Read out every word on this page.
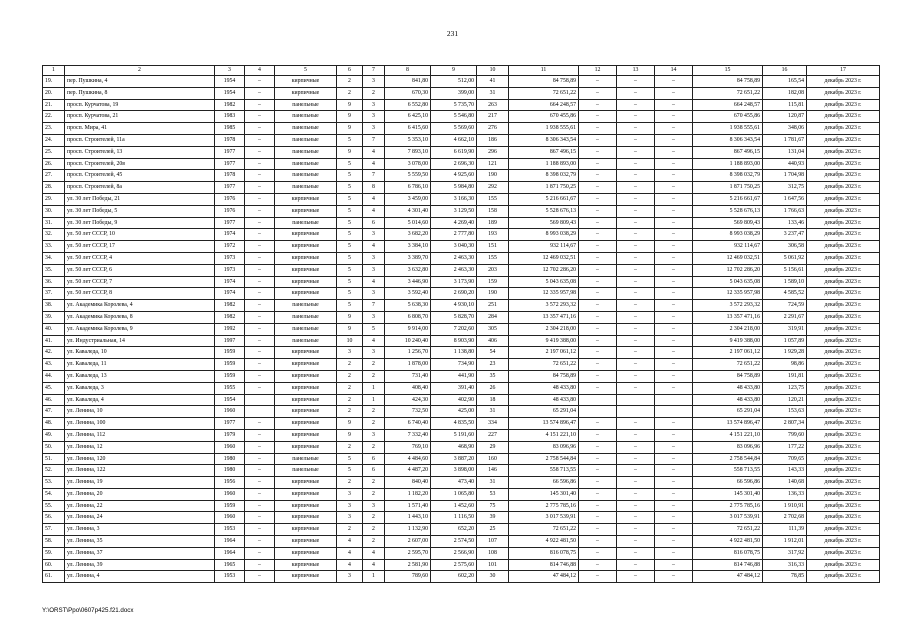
231
1	2	3	4	5	6	7	8	9	10	11	12	13	14	15	16	17
19.	пер. Пушкина, 4	1954	–	кирпичные	2	3	841,80	512,00	41	84 758,89	–	–	–	84 758,89	165,54	декабрь 2023 г.
20.	пер. Пушкина, 8	1954	–	кирпичные	2	2	670,30	399,00	31	72 651,22	–	–	–	72 651,22	182,08	декабрь 2023 г.
21.	просп. Курчатова, 19	1982	–	панельные	9	3	6 552,80	5 735,70	263	664 248,57	–	–	–	664 248,57	115,81	декабрь 2023 г.
22.	просп. Курчатова, 21	1983	–	панельные	9	3	6 425,10	5 546,80	217	670 455,86	–	–	–	670 455,86	120,87	декабрь 2023 г.
23.	просп. Мира, 41	1985	–	панельные	9	3	6 415,60	5 569,60	276	1 938 555,61	–	–	–	1 938 555,61	348,06	декабрь 2023 г.
24.	просп. Строителей, 11а	1978	–	панельные	5	7	5 353,10	4 662,10	186	8 306 343,54	–	–	–	8 306 343,54	1 781,67	декабрь 2023 г.
25.	просп. Строителей, 13	1977	–	панельные	9	4	7 893,10	6 619,90	296	867 496,15	–	–	–	867 496,15	131,04	декабрь 2023 г.
26.	просп. Строителей, 20в	1977	–	панельные	5	4	3 078,00	2 696,30	121	1 188 893,00	–	–	–	1 188 893,00	440,93	декабрь 2023 г.
27.	просп. Строителей, 45	1978	–	панельные	5	7	5 559,50	4 925,60	190	8 398 032,79	–	–	–	8 398 032,79	1 704,98	декабрь 2023 г.
28.	просп. Строителей, 8а	1977	–	панельные	5	8	6 786,10	5 984,80	292	1 871 750,25	–	–	–	1 871 750,25	312,75	декабрь 2023 г.
29.	ул. 30 лет Победы, 21	1976	–	кирпичные	5	4	3 459,00	3 166,30	155	5 216 661,67	–	–	–	5 216 661,67	1 647,56	декабрь 2023 г.
30.	ул. 30 лет Победы, 5	1976	–	кирпичные	5	4	4 301,40	3 129,50	158	5 528 676,13	–	–	–	5 528 676,13	1 766,63	декабрь 2023 г.
31.	ул. 30 лет Победы, 9	1977	–	панельные	5	6	5 014,60	4 269,40	189	569 809,43	–	–	–	569 809,43	133,46	декабрь 2023 г.
32.	ул. 50 лет СССР, 10	1974	–	кирпичные	5	3	3 682,20	2 777,80	193	8 993 038,29	–	–	–	8 993 038,29	3 237,47	декабрь 2023 г.
33.	ул. 50 лет СССР, 17	1972	–	кирпичные	5	4	3 384,10	3 040,30	151	932 114,67	–	–	–	932 114,67	306,58	декабрь 2023 г.
34.	ул. 50 лет СССР, 4	1973	–	кирпичные	5	3	3 389,70	2 463,30	155	12 469 032,51	–	–	–	12 469 032,51	5 061,92	декабрь 2023 г.
35.	ул. 50 лет СССР, 6	1973	–	кирпичные	5	3	3 632,80	2 463,30	203	12 702 286,20	–	–	–	12 702 286,20	5 156,61	декабрь 2023 г.
36.	ул. 50 лет СССР, 7	1974	–	кирпичные	5	4	3 446,90	3 173,90	159	5 043 635,08	–	–	–	5 043 635,08	1 589,10	декабрь 2023 г.
37.	ул. 50 лет СССР, 8	1974	–	кирпичные	5	3	3 592,40	2 690,20	190	12 335 957,98	–	–	–	12 335 957,98	4 585,52	декабрь 2023 г.
38.	ул. Академика Королева, 4	1982	–	панельные	5	7	5 638,30	4 930,10	251	3 572 293,32	–	–	–	3 572 293,32	724,59	декабрь 2023 г.
39.	ул. Академика Королева, 8	1982	–	панельные	9	3	6 808,70	5 828,70	284	13 357 471,16	–	–	–	13 357 471,16	2 291,67	декабрь 2023 г.
40.	ул. Академика Королева, 9	1992	–	панельные	9	5	9 914,00	7 202,60	305	2 304 218,00	–	–	–	2 304 218,00	319,91	декабрь 2023 г.
41.	ул. Индустриальная, 14	1997	–	панельные	10	4	10 240,40	8 903,90	406	9 419 388,00	–	–	–	9 419 388,00	1 057,89	декабрь 2023 г.
42.	ул. Каваледа, 10	1959	–	кирпичные	3	3	1 256,70	1 138,80	54	2 197 061,12	–	–	–	2 197 061,12	1 929,28	декабрь 2023 г.
43.	ул. Каваледа, 11	1959	–	кирпичные	2	2	1 878,00	734,90	23	72 651,22	–	–	–	72 651,22	98,86	декабрь 2023 г.
44.	ул. Каваледа, 13	1959	–	кирпичные	2	2	731,40	441,90	35	84 758,89	–	–	–	84 758,89	191,81	декабрь 2023 г.
45.	ул. Каваледа, 3	1955	–	кирпичные	2	1	408,40	391,40	26	48 433,80	–	–	–	48 433,80	123,75	декабрь 2023 г.
46.	ул. Каваледа, 4	1954		кирпичные	2	1	424,30	402,90	18	48 433,80				48 433,80	120,21	декабрь 2023 г.
47.	ул. Ленина, 10	1960		кирпичные	2	2	732,50	425,00	31	65 291,04				65 291,04	153,63	декабрь 2023 г.
48.	ул. Ленина, 100	1977	–	кирпичные	9	2	6 740,40	4 835,50	334	13 574 896,47	–	–	–	13 574 896,47	2 807,34	декабрь 2023 г.
49.	ул. Ленина, 112	1979	–	кирпичные	9	3	7 332,40	5 191,60	227	4 151 221,10	–	–	–	4 151 221,10	799,60	декабрь 2023 г.
50.	ул. Ленина, 12	1960	–	кирпичные	2	2	769,10	468,90	29	83 096,96	–	–	–	83 096,96	177,22	декабрь 2023 г.
51.	ул. Ленина, 120	1980	–	панельные	5	6	4 484,60	3 887,20	160	2 758 544,84	–	–	–	2 758 544,84	709,65	декабрь 2023 г.
52.	ул. Ленина, 122	1980	–	панельные	5	6	4 487,20	3 898,00	146	558 713,55	–	–	–	558 713,55	143,33	декабрь 2023 г.
53.	ул. Ленина, 19	1956	–	кирпичные	2	2	840,40	473,40	31	66 596,86	–	–	–	66 596,86	140,68	декабрь 2023 г.
54.	ул. Ленина, 20	1960	–	кирпичные	3	2	1 182,20	1 065,80	53	145 301,40	–	–	–	145 301,40	136,33	декабрь 2023 г.
55.	ул. Ленина, 22	1959	–	кирпичные	3	3	1 571,40	1 452,60	75	2 775 785,16	–	–	–	2 775 785,16	1 910,91	декабрь 2023 г.
56.	ул. Ленина, 24	1960	–	кирпичные	3	2	1 443,10	1 116,50	39	3 017 539,91	–	–	–	3 017 539,91	2 702,68	декабрь 2023 г.
57.	ул. Ленина, 3	1953	–	кирпичные	2	2	1 132,90	652,20	25	72 651,22	–	–	–	72 651,22	111,39	декабрь 2023 г.
58.	ул. Ленина, 35	1964	–	кирпичные	4	2	2 607,00	2 574,50	107	4 922 481,50	–	–	–	4 922 481,50	1 912,01	декабрь 2023 г.
59.	ул. Ленина, 37	1964	–	кирпичные	4	4	2 595,70	2 566,90	108	816 078,75	–	–	–	816 078,75	317,92	декабрь 2023 г.
60.	ул. Ленина, 39	1965	–	кирпичные	4	4	2 581,90	2 575,60	101	814 746,88	–	–	–	814 746,88	316,33	декабрь 2023 г.
61.	ул. Ленина, 4	1953	–	кирпичные	3	1	789,60	602,20	30	47 484,12	–	–	–	47 484,12	78,85	декабрь 2023 г.
Y:\ORST\Ppo\0607p425.f21.docx
